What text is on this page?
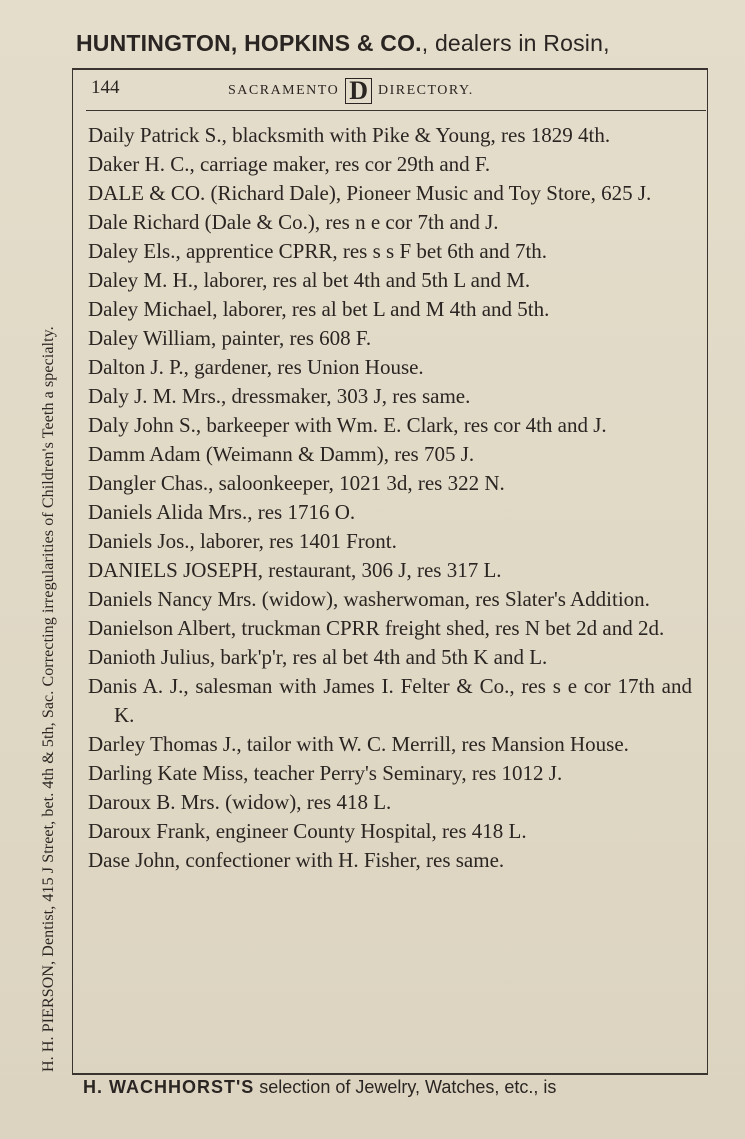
HUNTINGTON, HOPKINS & CO., dealers in Rosin,
H. H. PIERSON, Dentist, 415 J Street, bet. 4th & 5th, Sac. Correcting irregularities of Children's Teeth a specialty.
144	SACRAMENTO D DIRECTORY.

Daily Patrick S., blacksmith with Pike & Young, res 1829 4th.

Daker H. C., carriage maker, res cor 29th and F.

DALE & CO. (Richard Dale), Pioneer Music and Toy Store, 625 J.

Dale Richard (Dale & Co.), res n e cor 7th and J.

Daley Els., apprentice CPRR, res s s F bet 6th and 7th.

Daley M. H., laborer, res al bet 4th and 5th L and M.

Daley Michael, laborer, res al bet L and M 4th and 5th.

Daley William, painter, res 608 F.

Dalton J. P., gardener, res Union House.

Daly J. M. Mrs., dressmaker, 303 J, res same.

Daly John S., barkeeper with Wm. E. Clark, res cor 4th and J.

Damm Adam (Weimann & Damm), res 705 J.

Dangler Chas., saloonkeeper, 1021 3d, res 322 N.

Daniels Alida Mrs., res 1716 O.

Daniels Jos., laborer, res 1401 Front.

DANIELS JOSEPH, restaurant, 306 J, res 317 L.

Daniels Nancy Mrs. (widow), washerwoman, res Slater's Addition.

Danielson Albert, truckman CPRR freight shed, res N bet 2d and 2d.

Danioth Julius, bark'p'r, res al bet 4th and 5th K and L.

Danis A. J., salesman with James I. Felter & Co., res s e cor 17th and K.

Darley Thomas J., tailor with W. C. Merrill, res Mansion House.

Darling Kate Miss, teacher Perry's Seminary, res 1012 J.

Daroux B. Mrs. (widow), res 418 L.

Daroux Frank, engineer County Hospital, res 418 L.

Dase John, confectioner with H. Fisher, res same.

H. WACHHORST'S selection of Jewelry, Watches, etc., is
